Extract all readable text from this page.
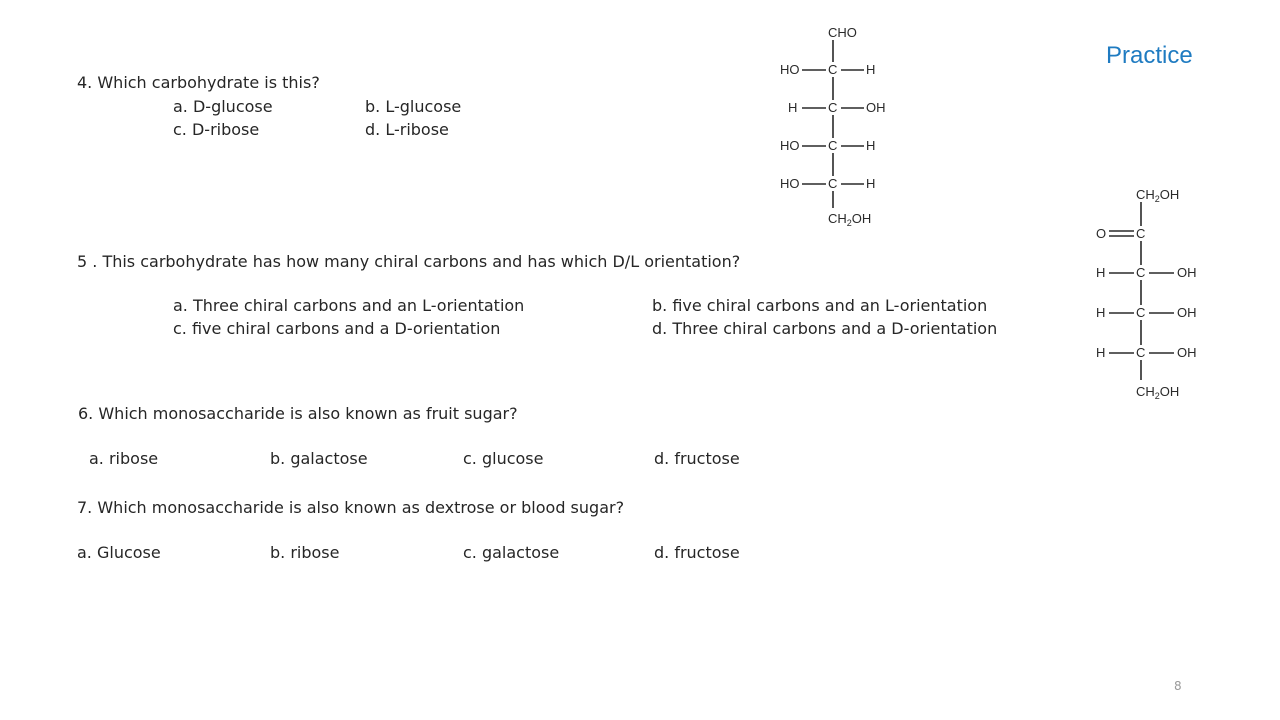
Practice
4. Which carbohydrate is this?
a. D-glucose	b. L-glucose
c. D-ribose	d. L-ribose
5 . This carbohydrate has how many chiral carbons and has which D/L orientation?
a. Three chiral carbons and an L-orientation	b. five chiral carbons and an L-orientation
c. five chiral carbons and a D-orientation	d. Three chiral carbons and a D-orientation
6. Which monosaccharide is also known as fruit sugar?
a. ribose	b. galactose	c. glucose	d. fructose
7. Which monosaccharide is also known as dextrose or blood sugar?
a. Glucose	b. ribose	c. galactose	d. fructose
CHO
C
HO	H
C
H	OH
C
HO	H
C
HO	H
$CH_2OH$
$CH_2OH$
C
O
C
H	OH
C
H	OH
C
H	OH
$CH_2OH$
8
